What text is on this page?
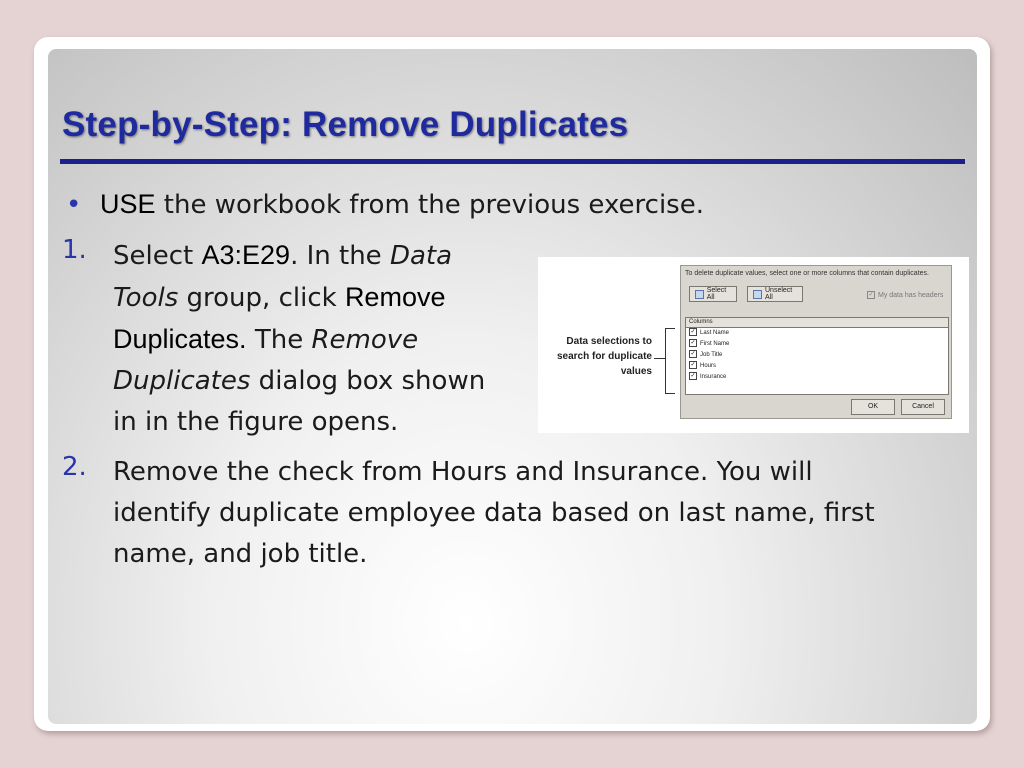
Step-by-Step: Remove Duplicates
• USE the workbook from the previous exercise.
1. Select A3:E29. In the Data
Tools group, click Remove
Duplicates. The Remove
Duplicates dialog box shown
in in the figure opens.
Data selections to
search for duplicate
values
To delete duplicate values, select one or more columns that contain duplicates.
Select All
Unselect All	✓ My data has headers
Columns
✓ Last Name
✓ First Name
✓ Job Title
✓ Hours
✓ Insurance
OK	Cancel
2. Remove the check from Hours and Insurance. You will
identify duplicate employee data based on last name, first
name, and job title.
